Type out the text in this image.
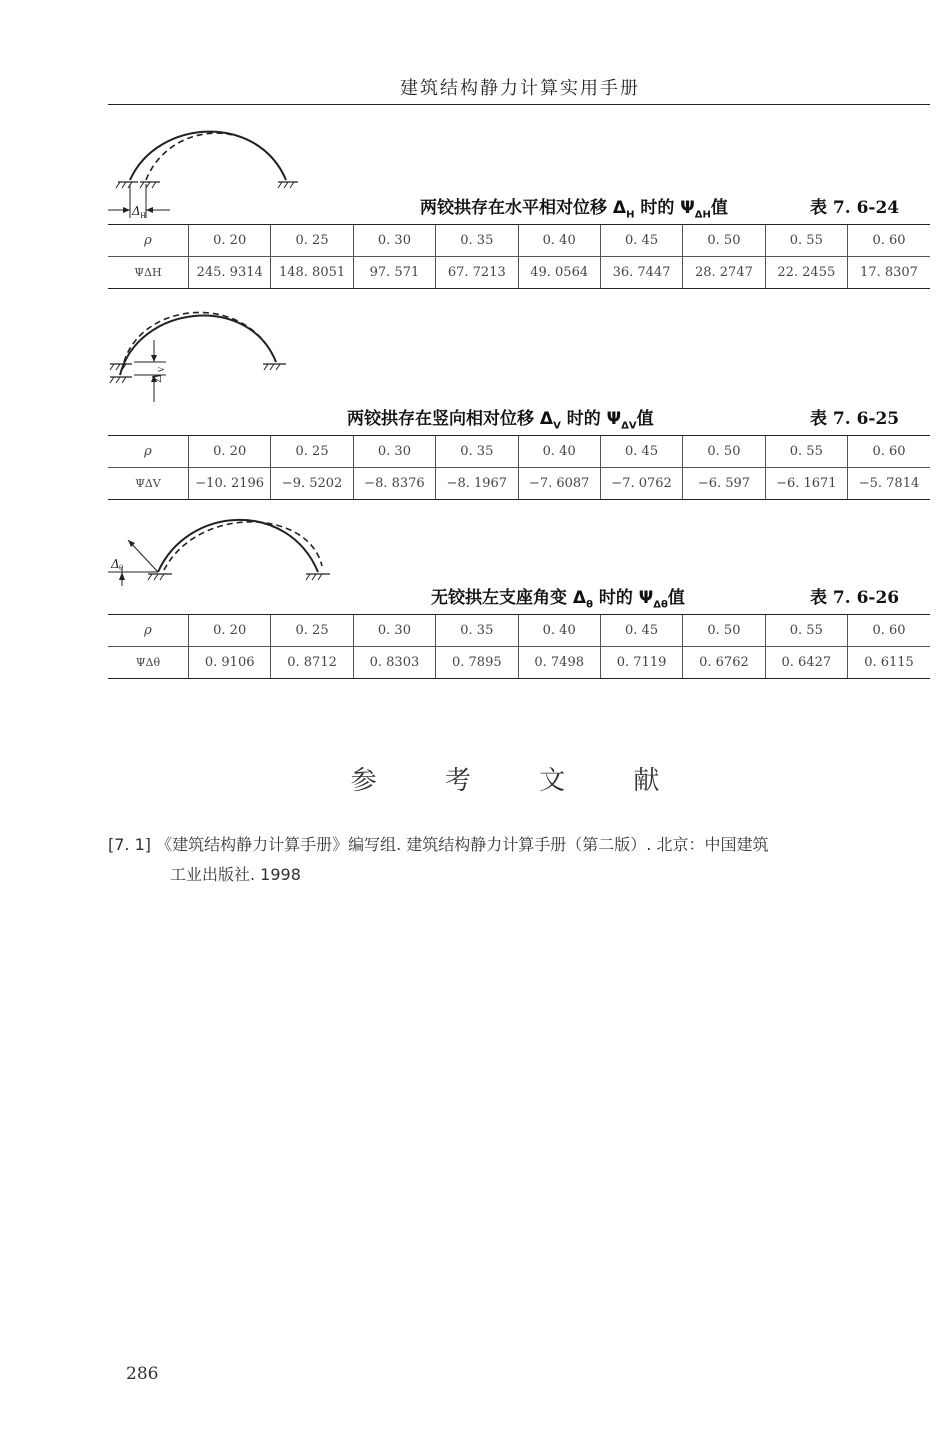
建筑结构静力计算实用手册
Δ H	两铰拱存在水平相对位移 $\Delta_H$ 时的 $\Psi_{\Delta H}$值	表 7. 6-24
ρ	0. 20	0. 25	0. 30	0. 35	0. 40	0. 45	0. 50	0. 55	0. 60
ΨΔH	245. 9314	148. 8051	97. 571	67. 7213	49. 0564	36. 7447	28. 2747	22. 2455	17. 8307
Δ
V
两铰拱存在竖向相对位移 $\Delta_V$ 时的 $\Psi_{\Delta V}$值	表 7. 6-25
ρ	0. 20	0. 25	0. 30	0. 35	0. 40	0. 45	0. 50	0. 55	0. 60
ΨΔV	−10. 2196	−9. 5202	−8. 8376	−8. 1967	−7. 6087	−7. 0762	−6. 597	−6. 1671	−5. 7814
Δ θ
无铰拱左支座角变 $\Delta_\theta$ 时的 $\Psi_{\Delta\theta}$值	表 7. 6-26
ρ	0. 20	0. 25	0. 30	0. 35	0. 40	0. 45	0. 50	0. 55	0. 60
ΨΔθ	0. 9106	0. 8712	0. 8303	0. 7895	0. 7498	0. 7119	0. 6762	0. 6427	0. 6115
参 考 文 献
[7. 1] 《建筑结构静力计算手册》编写组. 建筑结构静力计算手册（第二版）. 北京：中国建筑
工业出版社. 1998
286
